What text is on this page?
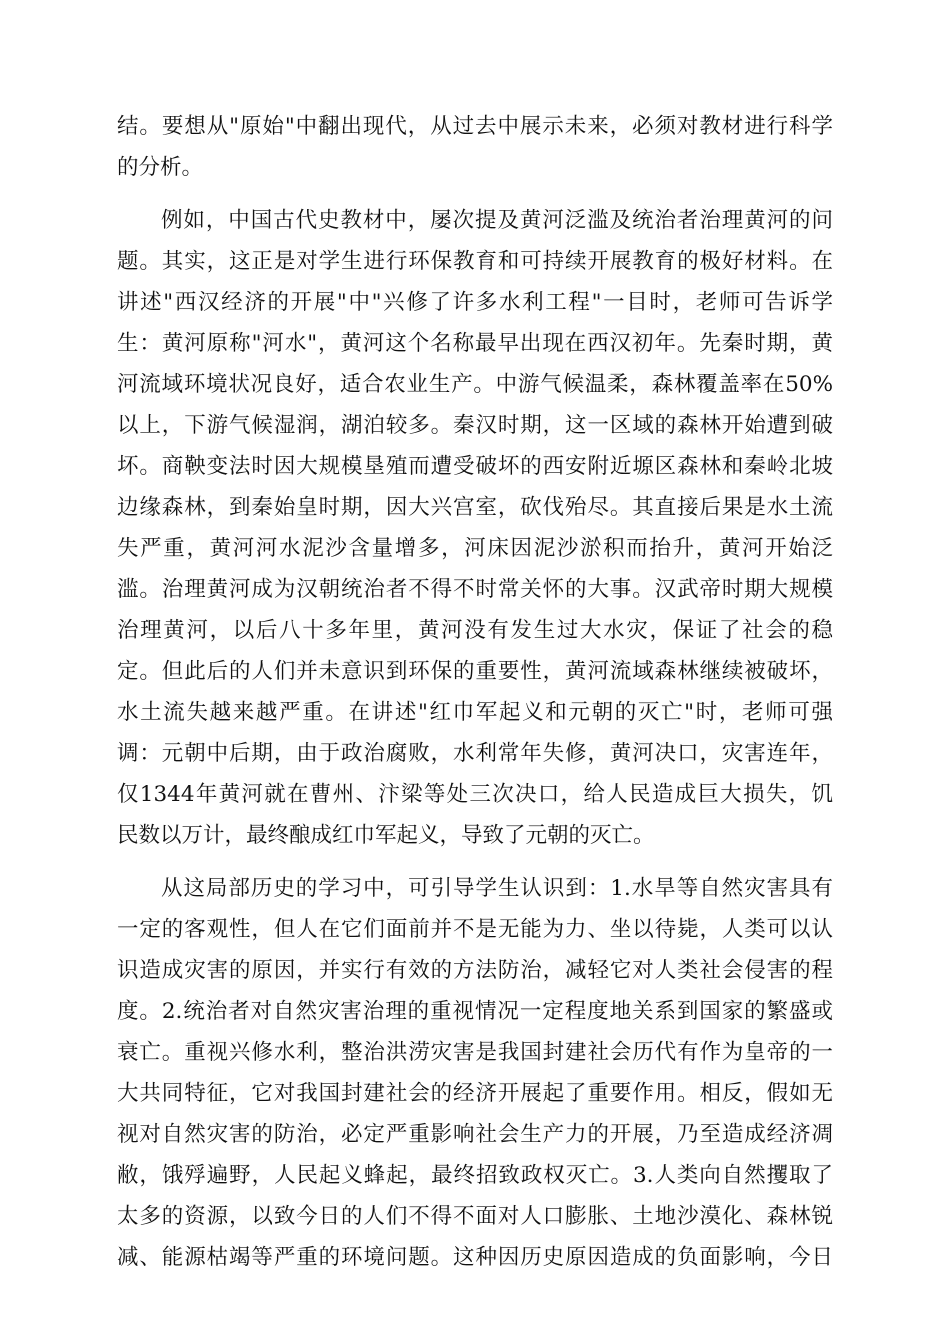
结。要想从"原始"中翻出现代，从过去中展示未来，必须对教材进行科学
的分析。
例如，中国古代史教材中，屡次提及黄河泛滥及统治者治理黄河的问
题。其实，这正是对学生进行环保教育和可持续开展教育的极好材料。在
讲述"西汉经济的开展"中"兴修了许多水利工程"一目时，老师可告诉学
生：黄河原称"河水"，黄河这个名称最早出现在西汉初年。先秦时期，黄
河流域环境状况良好，适合农业生产。中游气候温柔，森林覆盖率在50%
以上，下游气候湿润，湖泊较多。秦汉时期，这一区域的森林开始遭到破
坏。商鞅变法时因大规模垦殖而遭受破坏的西安附近塬区森林和秦岭北坡
边缘森林，到秦始皇时期，因大兴宫室，砍伐殆尽。其直接后果是水土流
失严重，黄河河水泥沙含量增多，河床因泥沙淤积而抬升，黄河开始泛
滥。治理黄河成为汉朝统治者不得不时常关怀的大事。汉武帝时期大规模
治理黄河，以后八十多年里，黄河没有发生过大水灾，保证了社会的稳
定。但此后的人们并未意识到环保的重要性，黄河流域森林继续被破坏，
水土流失越来越严重。在讲述"红巾军起义和元朝的灭亡"时，老师可强
调：元朝中后期，由于政治腐败，水利常年失修，黄河决口，灾害连年，
仅1344年黄河就在曹州、汴梁等处三次决口，给人民造成巨大损失，饥
民数以万计，最终酿成红巾军起义，导致了元朝的灭亡。
从这局部历史的学习中，可引导学生认识到：1.水旱等自然灾害具有
一定的客观性，但人在它们面前并不是无能为力、坐以待毙，人类可以认
识造成灾害的原因，并实行有效的方法防治，减轻它对人类社会侵害的程
度。2.统治者对自然灾害治理的重视情况一定程度地关系到国家的繁盛或
衰亡。重视兴修水利，整治洪涝灾害是我国封建社会历代有作为皇帝的一
大共同特征，它对我国封建社会的经济开展起了重要作用。相反，假如无
视对自然灾害的防治，必定严重影响社会生产力的开展，乃至造成经济凋
敝，饿殍遍野，人民起义蜂起，最终招致政权灭亡。3.人类向自然攫取了
太多的资源，以致今日的人们不得不面对人口膨胀、土地沙漠化、森林锐
减、能源枯竭等严重的环境问题。这种因历史原因造成的负面影响，今日
